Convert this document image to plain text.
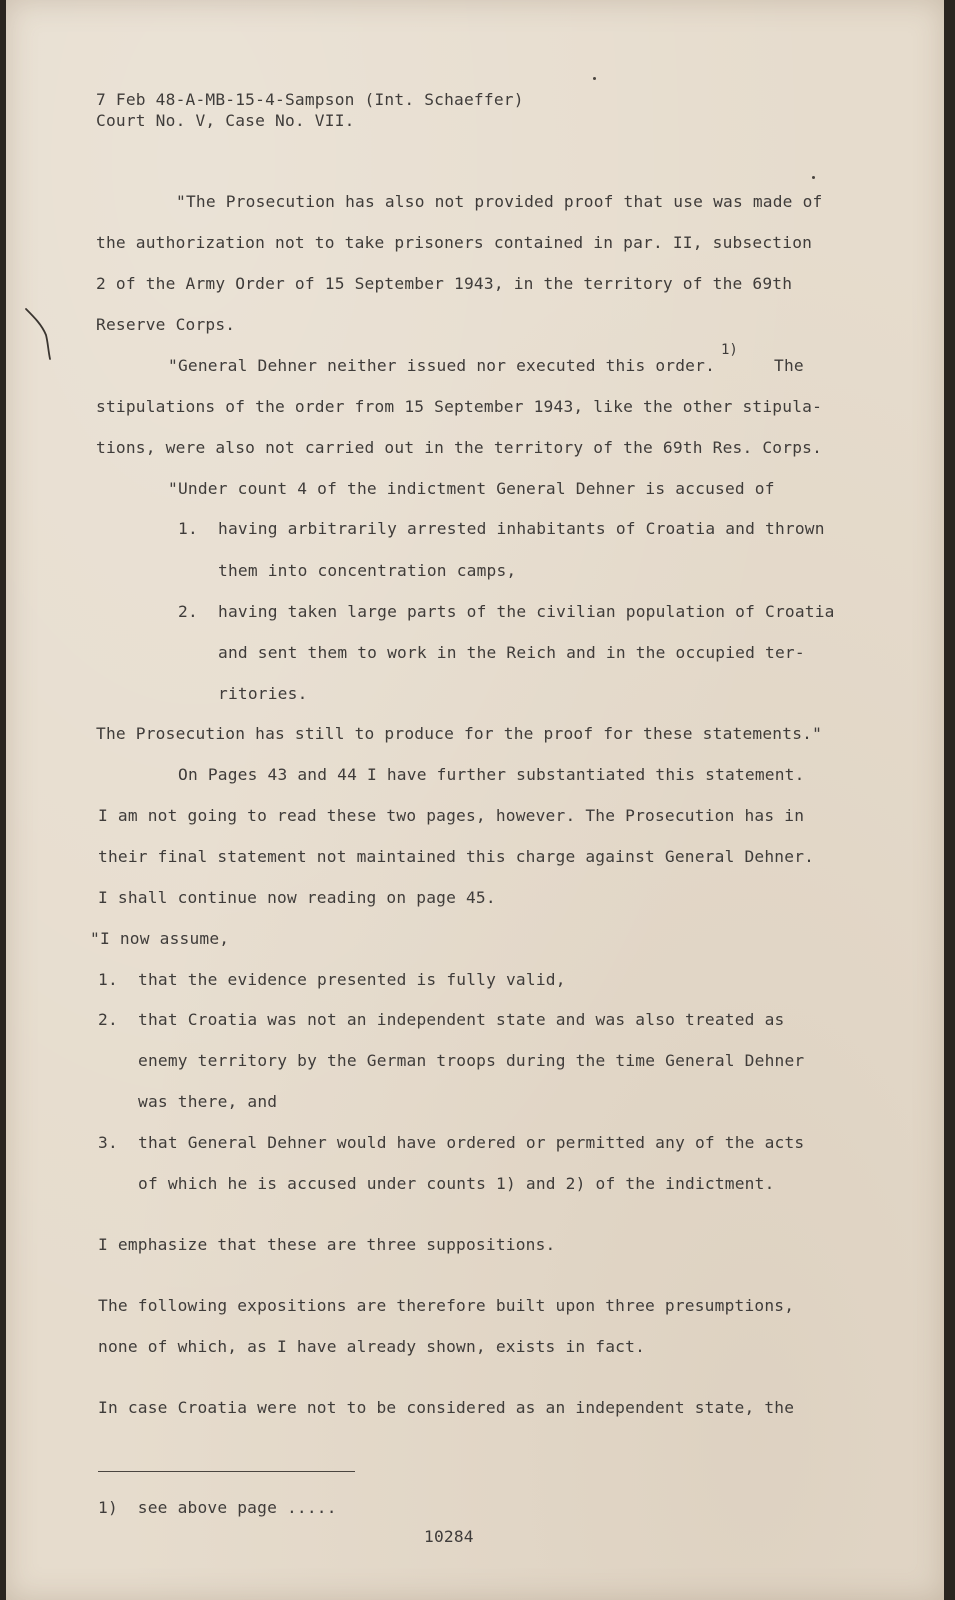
7 Feb 48-A-MB-15-4-Sampson (Int. Schaeffer)
Court No. V, Case No. VII.
"The Prosecution has also not provided proof that use was made of
the authorization not to take prisoners contained in par. II, subsection
2 of the Army Order of 15 September 1943, in the territory of the 69th
Reserve Corps.
"General Dehner neither issued nor executed this order.
1)
The
stipulations of the order from 15 September 1943, like the other stipula-
tions, were also not carried out in the territory of the 69th Res. Corps.
"Under count 4 of the indictment General Dehner is accused of
1. having arbitrarily arrested inhabitants of Croatia and thrown
them into concentration camps,
2. having taken large parts of the civilian population of Croatia
and sent them to work in the Reich and in the occupied ter-
ritories.
The Prosecution has still to produce for the proof for these statements."
On Pages 43 and 44 I have further substantiated this statement.
I am not going to read these two pages, however. The Prosecution has in
their final statement not maintained this charge against General Dehner.
I shall continue now reading on page 45.
"I now assume,
1. that the evidence presented is fully valid,
2. that Croatia was not an independent state and was also treated as
enemy territory by the German troops during the time General Dehner
was there, and
3. that General Dehner would have ordered or permitted any of the acts
of which he is accused under counts 1) and 2) of the indictment.
I emphasize that these are three suppositions.
The following expositions are therefore built upon three presumptions,
none of which, as I have already shown, exists in fact.
In case Croatia were not to be considered as an independent state, the
1)  see above page .....
10284
